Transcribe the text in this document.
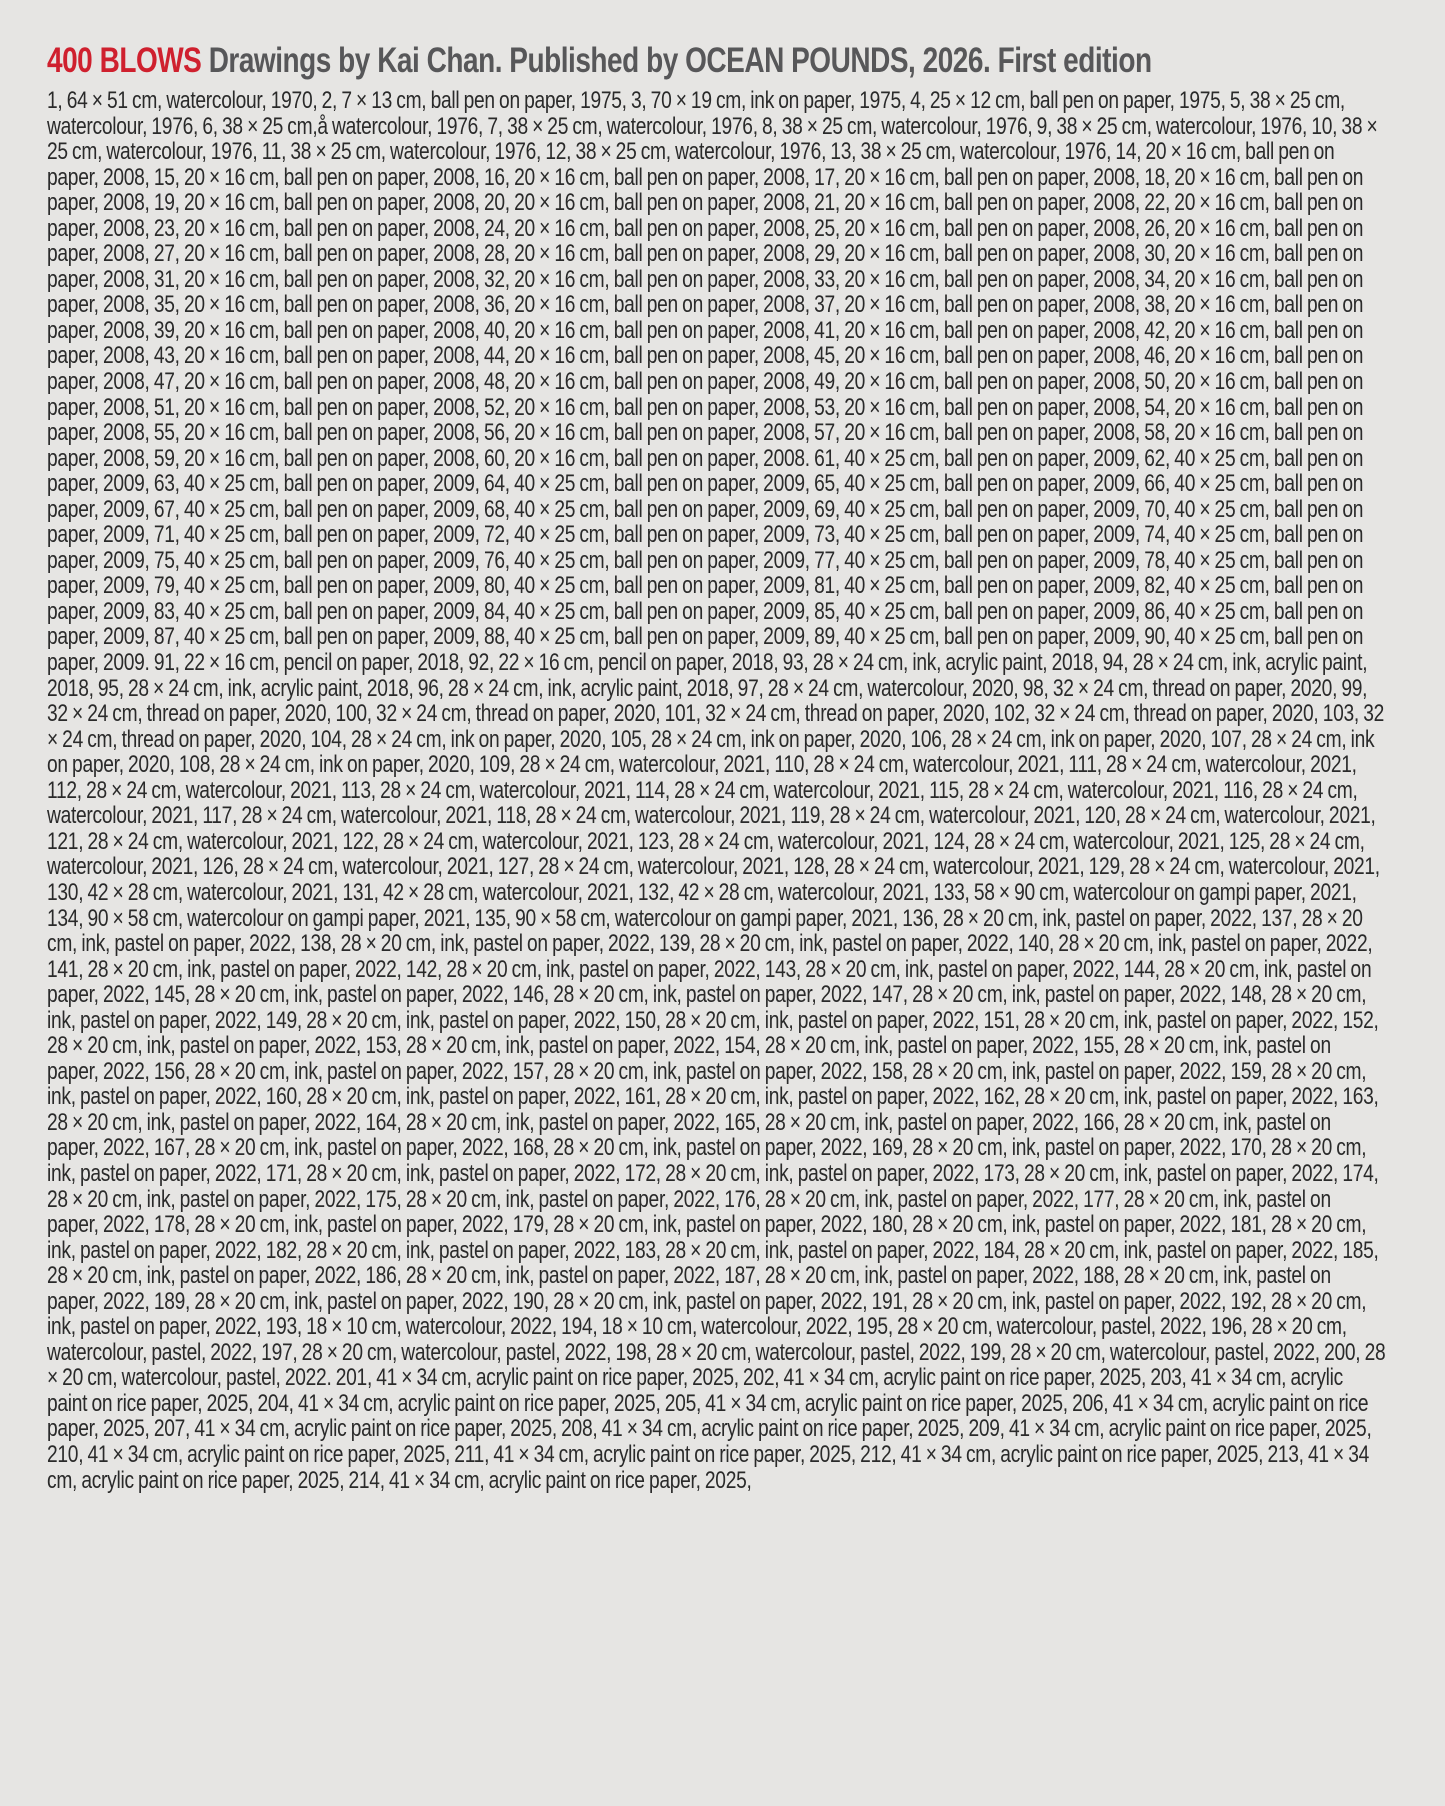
400 BLOWS Drawings by Kai Chan. Published by OCEAN POUNDS, 2026. First edition

1, 64 × 51 cm, watercolour, 1970, 2, 7 × 13 cm, ball pen on paper, 1975, 3, 70 × 19 cm, ink on paper, 1975, 4, 25 × 12 cm, ball pen on paper, 1975, 5, 38 × 25 cm, watercolour, 1976, 6, 38 × 25 cm,å watercolour, 1976, 7, 38 × 25 cm, watercolour, 1976, 8, 38 × 25 cm, watercolour, 1976, 9, 38 × 25 cm, watercolour, 1976, 10, 38 × 25 cm, watercolour, 1976, 11, 38 × 25 cm, watercolour, 1976, 12, 38 × 25 cm, watercolour, 1976, 13, 38 × 25 cm, watercolour, 1976, 14, 20 × 16 cm, ball pen on paper, 2008, 15, 20 × 16 cm, ball pen on paper, 2008, 16, 20 × 16 cm, ball pen on paper, 2008, 17, 20 × 16 cm, ball pen on paper, 2008, 18, 20 × 16 cm, ball pen on paper, 2008, 19, 20 × 16 cm, ball pen on paper, 2008, 20, 20 × 16 cm, ball pen on paper, 2008, 21, 20 × 16 cm, ball pen on paper, 2008, 22, 20 × 16 cm, ball pen on paper, 2008, 23, 20 × 16 cm, ball pen on paper, 2008, 24, 20 × 16 cm, ball pen on paper, 2008, 25, 20 × 16 cm, ball pen on paper, 2008, 26, 20 × 16 cm, ball pen on paper, 2008, 27, 20 × 16 cm, ball pen on paper, 2008, 28, 20 × 16 cm, ball pen on paper, 2008, 29, 20 × 16 cm, ball pen on paper, 2008, 30, 20 × 16 cm, ball pen on paper, 2008, 31, 20 × 16 cm, ball pen on paper, 2008, 32, 20 × 16 cm, ball pen on paper, 2008, 33, 20 × 16 cm, ball pen on paper, 2008, 34, 20 × 16 cm, ball pen on paper, 2008, 35, 20 × 16 cm, ball pen on paper, 2008, 36, 20 × 16 cm, ball pen on paper, 2008, 37, 20 × 16 cm, ball pen on paper, 2008, 38, 20 × 16 cm, ball pen on paper, 2008, 39, 20 × 16 cm, ball pen on paper, 2008, 40, 20 × 16 cm, ball pen on paper, 2008, 41, 20 × 16 cm, ball pen on paper, 2008, 42, 20 × 16 cm, ball pen on paper, 2008, 43, 20 × 16 cm, ball pen on paper, 2008, 44, 20 × 16 cm, ball pen on paper, 2008, 45, 20 × 16 cm, ball pen on paper, 2008, 46, 20 × 16 cm, ball pen on paper, 2008, 47, 20 × 16 cm, ball pen on paper, 2008, 48, 20 × 16 cm, ball pen on paper, 2008, 49, 20 × 16 cm, ball pen on paper, 2008, 50, 20 × 16 cm, ball pen on paper, 2008, 51, 20 × 16 cm, ball pen on paper, 2008, 52, 20 × 16 cm, ball pen on paper, 2008, 53, 20 × 16 cm, ball pen on paper, 2008, 54, 20 × 16 cm, ball pen on paper, 2008, 55, 20 × 16 cm, ball pen on paper, 2008, 56, 20 × 16 cm, ball pen on paper, 2008, 57, 20 × 16 cm, ball pen on paper, 2008, 58, 20 × 16 cm, ball pen on paper, 2008, 59, 20 × 16 cm, ball pen on paper, 2008, 60, 20 × 16 cm, ball pen on paper, 2008. 61, 40 × 25 cm, ball pen on paper, 2009, 62, 40 × 25 cm, ball pen on paper, 2009, 63, 40 × 25 cm, ball pen on paper, 2009, 64, 40 × 25 cm, ball pen on paper, 2009, 65, 40 × 25 cm, ball pen on paper, 2009, 66, 40 × 25 cm, ball pen on paper, 2009, 67, 40 × 25 cm, ball pen on paper, 2009, 68, 40 × 25 cm, ball pen on paper, 2009, 69, 40 × 25 cm, ball pen on paper, 2009, 70, 40 × 25 cm, ball pen on paper, 2009, 71, 40 × 25 cm, ball pen on paper, 2009, 72, 40 × 25 cm, ball pen on paper, 2009, 73, 40 × 25 cm, ball pen on paper, 2009, 74, 40 × 25 cm, ball pen on paper, 2009, 75, 40 × 25 cm, ball pen on paper, 2009, 76, 40 × 25 cm, ball pen on paper, 2009, 77, 40 × 25 cm, ball pen on paper, 2009, 78, 40 × 25 cm, ball pen on paper, 2009, 79, 40 × 25 cm, ball pen on paper, 2009, 80, 40 × 25 cm, ball pen on paper, 2009, 81, 40 × 25 cm, ball pen on paper, 2009, 82, 40 × 25 cm, ball pen on paper, 2009, 83, 40 × 25 cm, ball pen on paper, 2009, 84, 40 × 25 cm, ball pen on paper, 2009, 85, 40 × 25 cm, ball pen on paper, 2009, 86, 40 × 25 cm, ball pen on paper, 2009, 87, 40 × 25 cm, ball pen on paper, 2009, 88, 40 × 25 cm, ball pen on paper, 2009, 89, 40 × 25 cm, ball pen on paper, 2009, 90, 40 × 25 cm, ball pen on paper, 2009. 91, 22 × 16 cm, pencil on paper, 2018, 92, 22 × 16 cm, pencil on paper, 2018, 93, 28 × 24 cm, ink, acrylic paint, 2018, 94, 28 × 24 cm, ink, acrylic paint, 2018, 95, 28 × 24 cm, ink, acrylic paint, 2018, 96, 28 × 24 cm, ink, acrylic paint, 2018, 97, 28 × 24 cm, watercolour, 2020, 98, 32 × 24 cm, thread on paper, 2020, 99, 32 × 24 cm, thread on paper, 2020, 100, 32 × 24 cm, thread on paper, 2020, 101, 32 × 24 cm, thread on paper, 2020, 102, 32 × 24 cm, thread on paper, 2020, 103, 32 × 24 cm, thread on paper, 2020, 104, 28 × 24 cm, ink on paper, 2020, 105, 28 × 24 cm, ink on paper, 2020, 106, 28 × 24 cm, ink on paper, 2020, 107, 28 × 24 cm, ink on paper, 2020, 108, 28 × 24 cm, ink on paper, 2020, 109, 28 × 24 cm, watercolour, 2021, 110, 28 × 24 cm, watercolour, 2021, 111, 28 × 24 cm, watercolour, 2021, 112, 28 × 24 cm, watercolour, 2021, 113, 28 × 24 cm, watercolour, 2021, 114, 28 × 24 cm, watercolour, 2021, 115, 28 × 24 cm, watercolour, 2021, 116, 28 × 24 cm, watercolour, 2021, 117, 28 × 24 cm, watercolour, 2021, 118, 28 × 24 cm, watercolour, 2021, 119, 28 × 24 cm, watercolour, 2021, 120, 28 × 24 cm, watercolour, 2021, 121, 28 × 24 cm, watercolour, 2021, 122, 28 × 24 cm, watercolour, 2021, 123, 28 × 24 cm, watercolour, 2021, 124, 28 × 24 cm, watercolour, 2021, 125, 28 × 24 cm, watercolour, 2021, 126, 28 × 24 cm, watercolour, 2021, 127, 28 × 24 cm, watercolour, 2021, 128, 28 × 24 cm, watercolour, 2021, 129, 28 × 24 cm, watercolour, 2021, 130, 42 × 28 cm, watercolour, 2021, 131, 42 × 28 cm, watercolour, 2021, 132, 42 × 28 cm, watercolour, 2021, 133, 58 × 90 cm, watercolour on gampi paper, 2021, 134, 90 × 58 cm, watercolour on gampi paper, 2021, 135, 90 × 58 cm, watercolour on gampi paper, 2021, 136, 28 × 20 cm, ink, pastel on paper, 2022, 137, 28 × 20 cm, ink, pastel on paper, 2022, 138, 28 × 20 cm, ink, pastel on paper, 2022, 139, 28 × 20 cm, ink, pastel on paper, 2022, 140, 28 × 20 cm, ink, pastel on paper, 2022, 141, 28 × 20 cm, ink, pastel on paper, 2022, 142, 28 × 20 cm, ink, pastel on paper, 2022, 143, 28 × 20 cm, ink, pastel on paper, 2022, 144, 28 × 20 cm, ink, pastel on paper, 2022, 145, 28 × 20 cm, ink, pastel on paper, 2022, 146, 28 × 20 cm, ink, pastel on paper, 2022, 147, 28 × 20 cm, ink, pastel on paper, 2022, 148, 28 × 20 cm, ink, pastel on paper, 2022, 149, 28 × 20 cm, ink, pastel on paper, 2022, 150, 28 × 20 cm, ink, pastel on paper, 2022, 151, 28 × 20 cm, ink, pastel on paper, 2022, 152, 28 × 20 cm, ink, pastel on paper, 2022, 153, 28 × 20 cm, ink, pastel on paper, 2022, 154, 28 × 20 cm, ink, pastel on paper, 2022, 155, 28 × 20 cm, ink, pastel on paper, 2022, 156, 28 × 20 cm, ink, pastel on paper, 2022, 157, 28 × 20 cm, ink, pastel on paper, 2022, 158, 28 × 20 cm, ink, pastel on paper, 2022, 159, 28 × 20 cm, ink, pastel on paper, 2022, 160, 28 × 20 cm, ink, pastel on paper, 2022, 161, 28 × 20 cm, ink, pastel on paper, 2022, 162, 28 × 20 cm, ink, pastel on paper, 2022, 163, 28 × 20 cm, ink, pastel on paper, 2022, 164, 28 × 20 cm, ink, pastel on paper, 2022, 165, 28 × 20 cm, ink, pastel on paper, 2022, 166, 28 × 20 cm, ink, pastel on paper, 2022, 167, 28 × 20 cm, ink, pastel on paper, 2022, 168, 28 × 20 cm, ink, pastel on paper, 2022, 169, 28 × 20 cm, ink, pastel on paper, 2022, 170, 28 × 20 cm, ink, pastel on paper, 2022, 171, 28 × 20 cm, ink, pastel on paper, 2022, 172, 28 × 20 cm, ink, pastel on paper, 2022, 173, 28 × 20 cm, ink, pastel on paper, 2022, 174, 28 × 20 cm, ink, pastel on paper, 2022, 175, 28 × 20 cm, ink, pastel on paper, 2022, 176, 28 × 20 cm, ink, pastel on paper, 2022, 177, 28 × 20 cm, ink, pastel on paper, 2022, 178, 28 × 20 cm, ink, pastel on paper, 2022, 179, 28 × 20 cm, ink, pastel on paper, 2022, 180, 28 × 20 cm, ink, pastel on paper, 2022, 181, 28 × 20 cm, ink, pastel on paper, 2022, 182, 28 × 20 cm, ink, pastel on paper, 2022, 183, 28 × 20 cm, ink, pastel on paper, 2022, 184, 28 × 20 cm, ink, pastel on paper, 2022, 185, 28 × 20 cm, ink, pastel on paper, 2022, 186, 28 × 20 cm, ink, pastel on paper, 2022, 187, 28 × 20 cm, ink, pastel on paper, 2022, 188, 28 × 20 cm, ink, pastel on paper, 2022, 189, 28 × 20 cm, ink, pastel on paper, 2022, 190, 28 × 20 cm, ink, pastel on paper, 2022, 191, 28 × 20 cm, ink, pastel on paper, 2022, 192, 28 × 20 cm, ink, pastel on paper, 2022, 193, 18 × 10 cm, watercolour, 2022, 194, 18 × 10 cm, watercolour, 2022, 195, 28 × 20 cm, watercolour, pastel, 2022, 196, 28 × 20 cm, watercolour, pastel, 2022, 197, 28 × 20 cm, watercolour, pastel, 2022, 198, 28 × 20 cm, watercolour, pastel, 2022, 199, 28 × 20 cm, watercolour, pastel, 2022, 200, 28 × 20 cm, watercolour, pastel, 2022. 201, 41 × 34 cm, acrylic paint on rice paper, 2025, 202, 41 × 34 cm, acrylic paint on rice paper, 2025, 203, 41 × 34 cm, acrylic paint on rice paper, 2025, 204, 41 × 34 cm, acrylic paint on rice paper, 2025, 205, 41 × 34 cm, acrylic paint on rice paper, 2025, 206, 41 × 34 cm, acrylic paint on rice paper, 2025, 207, 41 × 34 cm, acrylic paint on rice paper, 2025, 208, 41 × 34 cm, acrylic paint on rice paper, 2025, 209, 41 × 34 cm, acrylic paint on rice paper, 2025, 210, 41 × 34 cm, acrylic paint on rice paper, 2025, 211, 41 × 34 cm, acrylic paint on rice paper, 2025, 212, 41 × 34 cm, acrylic paint on rice paper, 2025, 213, 41 × 34 cm, acrylic paint on rice paper, 2025, 214, 41 × 34 cm, acrylic paint on rice paper, 2025,
